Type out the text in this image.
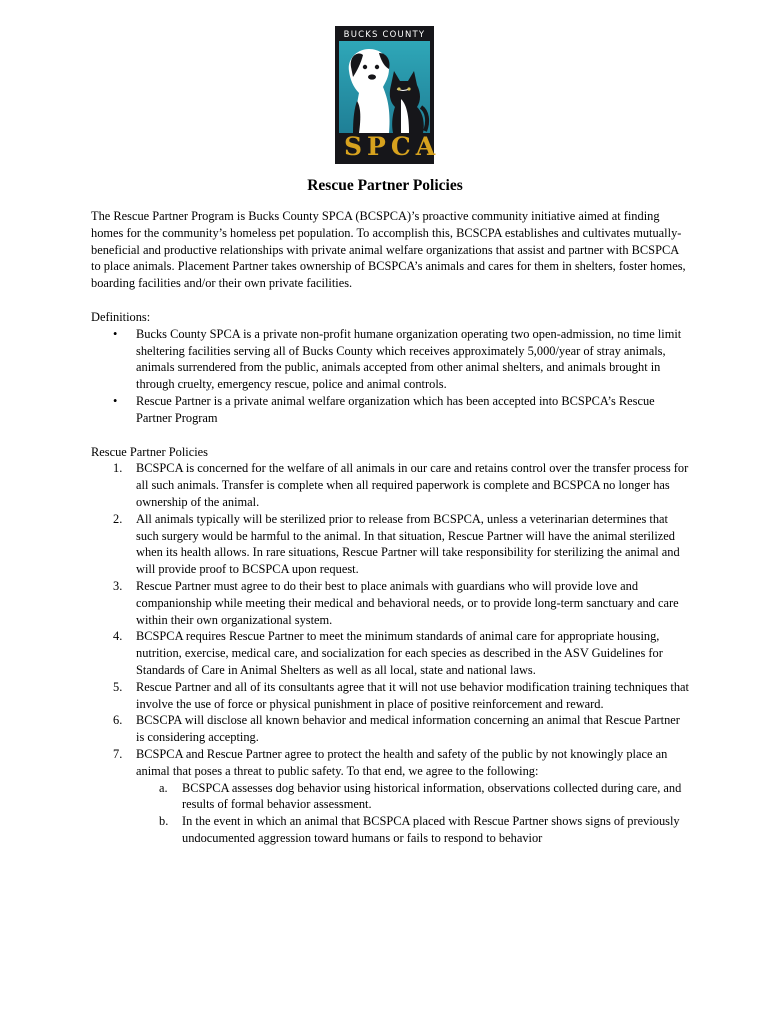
BUCKS COUNTY
SPCA
Rescue Partner Policies

The Rescue Partner Program is Bucks County SPCA (BCSPCA)’s proactive community initiative aimed at finding homes for the community’s homeless pet population. To accomplish this, BCSCPA establishes and cultivates mutually-beneficial and productive relationships with private animal welfare organizations that assist and partner with BCSPCA to place animals. Placement Partner takes ownership of BCSPCA’s animals and cares for them in shelters, foster homes, boarding facilities and/or their own private facilities.

Definitions:

• Bucks County SPCA is a private non-profit humane organization operating two open-admission, no time limit sheltering facilities serving all of Bucks County which receives approximately 5,000/year of stray animals, animals surrendered from the public, animals accepted from other animal shelters, and animals brought in through cruelty, emergency rescue, police and animal controls.
• Rescue Partner is a private animal welfare organization which has been accepted into BCSPCA’s Rescue Partner Program

Rescue Partner Policies

1. BCSPCA is concerned for the welfare of all animals in our care and retains control over the transfer process for all such animals. Transfer is complete when all required paperwork is complete and BCSPCA no longer has ownership of the animal.
2. All animals typically will be sterilized prior to release from BCSPCA, unless a veterinarian determines that such surgery would be harmful to the animal. In that situation, Rescue Partner will have the animal sterilized when its health allows. In rare situations, Rescue Partner will take responsibility for sterilizing the animal and will provide proof to BCSPCA upon request.
3. Rescue Partner must agree to do their best to place animals with guardians who will provide love and companionship while meeting their medical and behavioral needs, or to provide long-term sanctuary and care within their own organizational system.
4. BCSPCA requires Rescue Partner to meet the minimum standards of animal care for appropriate housing, nutrition, exercise, medical care, and socialization for each species as described in the ASV Guidelines for Standards of Care in Animal Shelters as well as all local, state and national laws.
5. Rescue Partner and all of its consultants agree that it will not use behavior modification training techniques that involve the use of force or physical punishment in place of positive reinforcement and reward.
6. BCSCPA will disclose all known behavior and medical information concerning an animal that Rescue Partner is considering accepting.
7. BCSPCA and Rescue Partner agree to protect the health and safety of the public by not knowingly place an animal that poses a threat to public safety. To that end, we agree to the following:
a. BCSPCA assesses dog behavior using historical information, observations collected during care, and results of formal behavior assessment.
b. In the event in which an animal that BCSPCA placed with Rescue Partner shows signs of previously undocumented aggression toward humans or fails to respond to behavior
